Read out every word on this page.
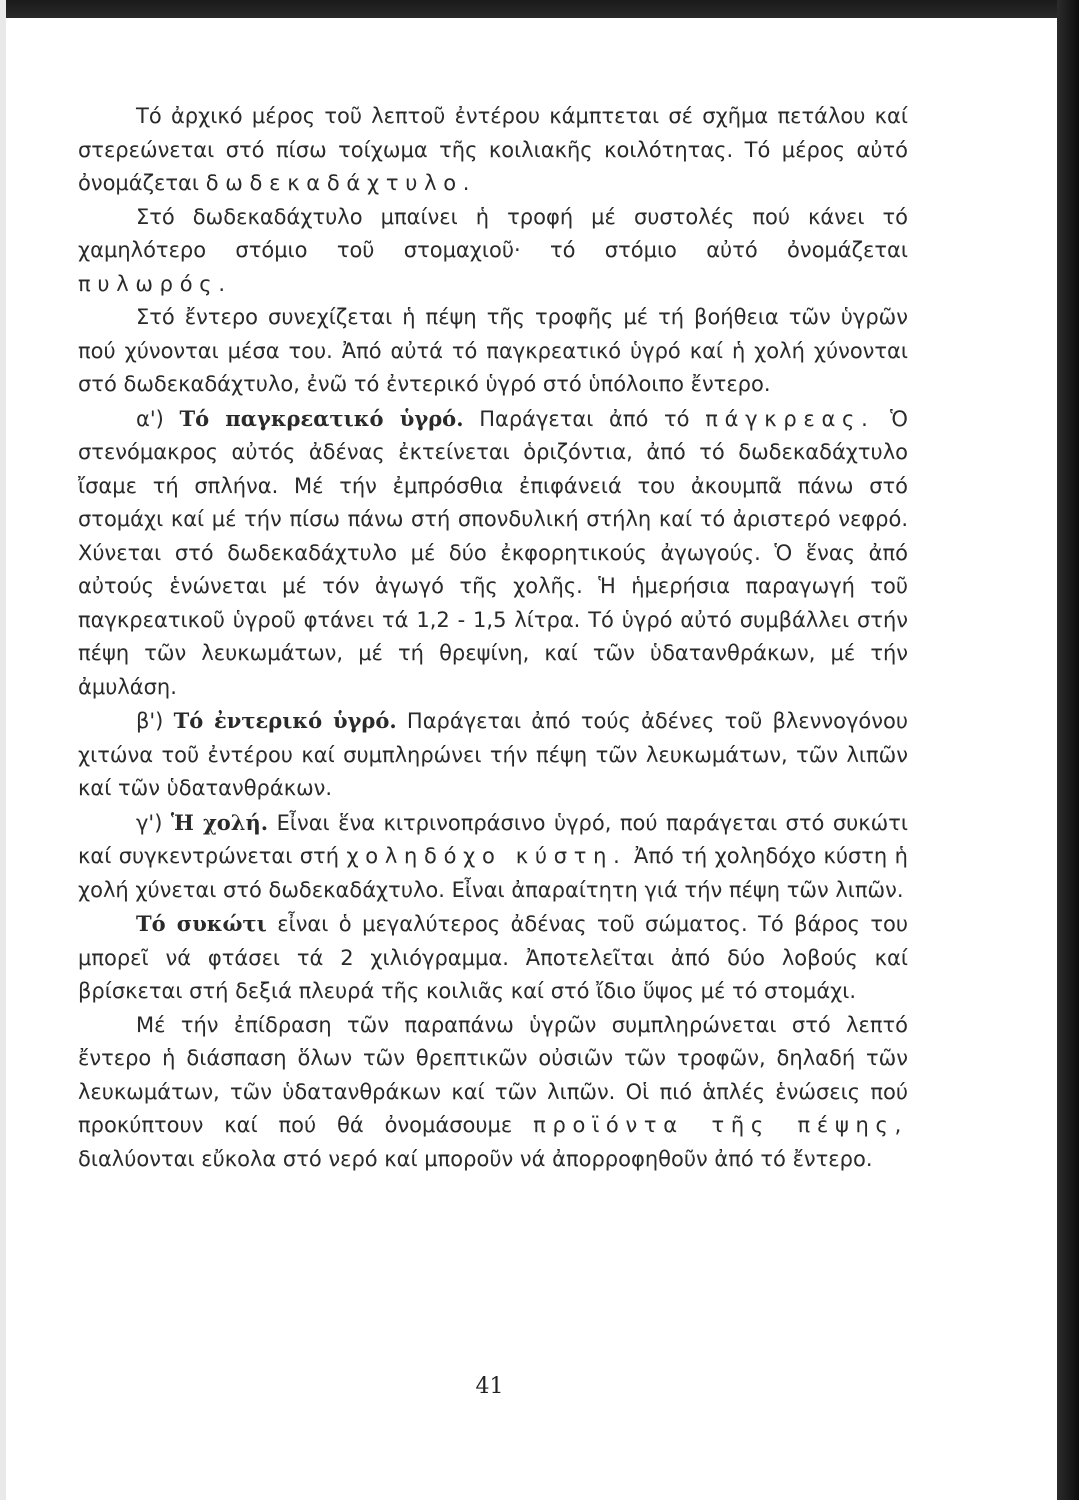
Τό ἀρχικό μέρος τοῦ λεπτοῦ ἐντέρου κάμπτεται σέ σχῆμα πετάλου καί στερεώνεται στό πίσω τοίχωμα τῆς κοιλιακῆς κοιλότητας. Τό μέρος αὐτό ὀνομάζεται δωδεκαδάχτυλο.

Στό δωδεκαδάχτυλο μπαίνει ἡ τροφή μέ συστολές πού κάνει τό χαμηλότερο στόμιο τοῦ στομαχιοῦ· τό στόμιο αὐτό ὀνομάζεται πυλωρός.

Στό ἔντερο συνεχίζεται ἡ πέψη τῆς τροφῆς μέ τή βοήθεια τῶν ὑγρῶν πού χύνονται μέσα του. Ἀπό αὐτά τό παγκρεατικό ὑγρό καί ἡ χολή χύνονται στό δωδεκαδάχτυλο, ἐνῶ τό ἐντερικό ὑγρό στό ὑπόλοιπο ἔντερο.

α') Τό παγκρεατικό ὑγρό. Παράγεται ἀπό τό πάγκρεας. Ὁ στενόμακρος αὐτός ἀδένας ἐκτείνεται ὁριζόντια, ἀπό τό δωδεκαδάχτυλο ἴσαμε τή σπλήνα. Μέ τήν ἐμπρόσθια ἐπιφάνειά του ἀκουμπᾶ πάνω στό στομάχι καί μέ τήν πίσω πάνω στή σπονδυλική στήλη καί τό ἀριστερό νεφρό. Χύνεται στό δωδεκαδάχτυλο μέ δύο ἐκφορητικούς ἀγωγούς. Ὁ ἕνας ἀπό αὐτούς ἑνώνεται μέ τόν ἀγωγό τῆς χολῆς. Ἡ ἡμερήσια παραγωγή τοῦ παγκρεατικοῦ ὑγροῦ φτάνει τά 1,2 - 1,5 λίτρα. Τό ὑγρό αὐτό συμβάλλει στήν πέψη τῶν λευκωμάτων, μέ τή θρεψίνη, καί τῶν ὑδατανθράκων, μέ τήν ἀμυλάση.

β') Τό ἐντερικό ὑγρό. Παράγεται ἀπό τούς ἀδένες τοῦ βλεννογόνου χιτώνα τοῦ ἐντέρου καί συμπληρώνει τήν πέψη τῶν λευκωμάτων, τῶν λιπῶν καί τῶν ὑδατανθράκων.

γ') Ἡ χολή. Εἶναι ἕνα κιτρινοπράσινο ὑγρό, πού παράγεται στό συκώτι καί συγκεντρώνεται στή χοληδόχο κύστη. Ἀπό τή χοληδόχο κύστη ἡ χολή χύνεται στό δωδεκαδάχτυλο. Εἶναι ἀπαραίτητη γιά τήν πέψη τῶν λιπῶν.

Τό συκώτι εἶναι ὁ μεγαλύτερος ἀδένας τοῦ σώματος. Τό βάρος του μπορεῖ νά φτάσει τά 2 χιλιόγραμμα. Ἀποτελεῖται ἀπό δύο λοβούς καί βρίσκεται στή δεξιά πλευρά τῆς κοιλιᾶς καί στό ἴδιο ὕψος μέ τό στομάχι.

Μέ τήν ἐπίδραση τῶν παραπάνω ὑγρῶν συμπληρώνεται στό λεπτό ἔντερο ἡ διάσπαση ὅλων τῶν θρεπτικῶν οὐσιῶν τῶν τροφῶν, δηλαδή τῶν λευκωμάτων, τῶν ὑδατανθράκων καί τῶν λιπῶν. Οἱ πιό ἁπλές ἑνώσεις πού προκύπτουν καί πού θά ὀνομάσουμε προϊόντα τῆς πέψης, διαλύονται εὔκολα στό νερό καί μποροῦν νά ἀπορροφηθοῦν ἀπό τό ἔντερο.

41
